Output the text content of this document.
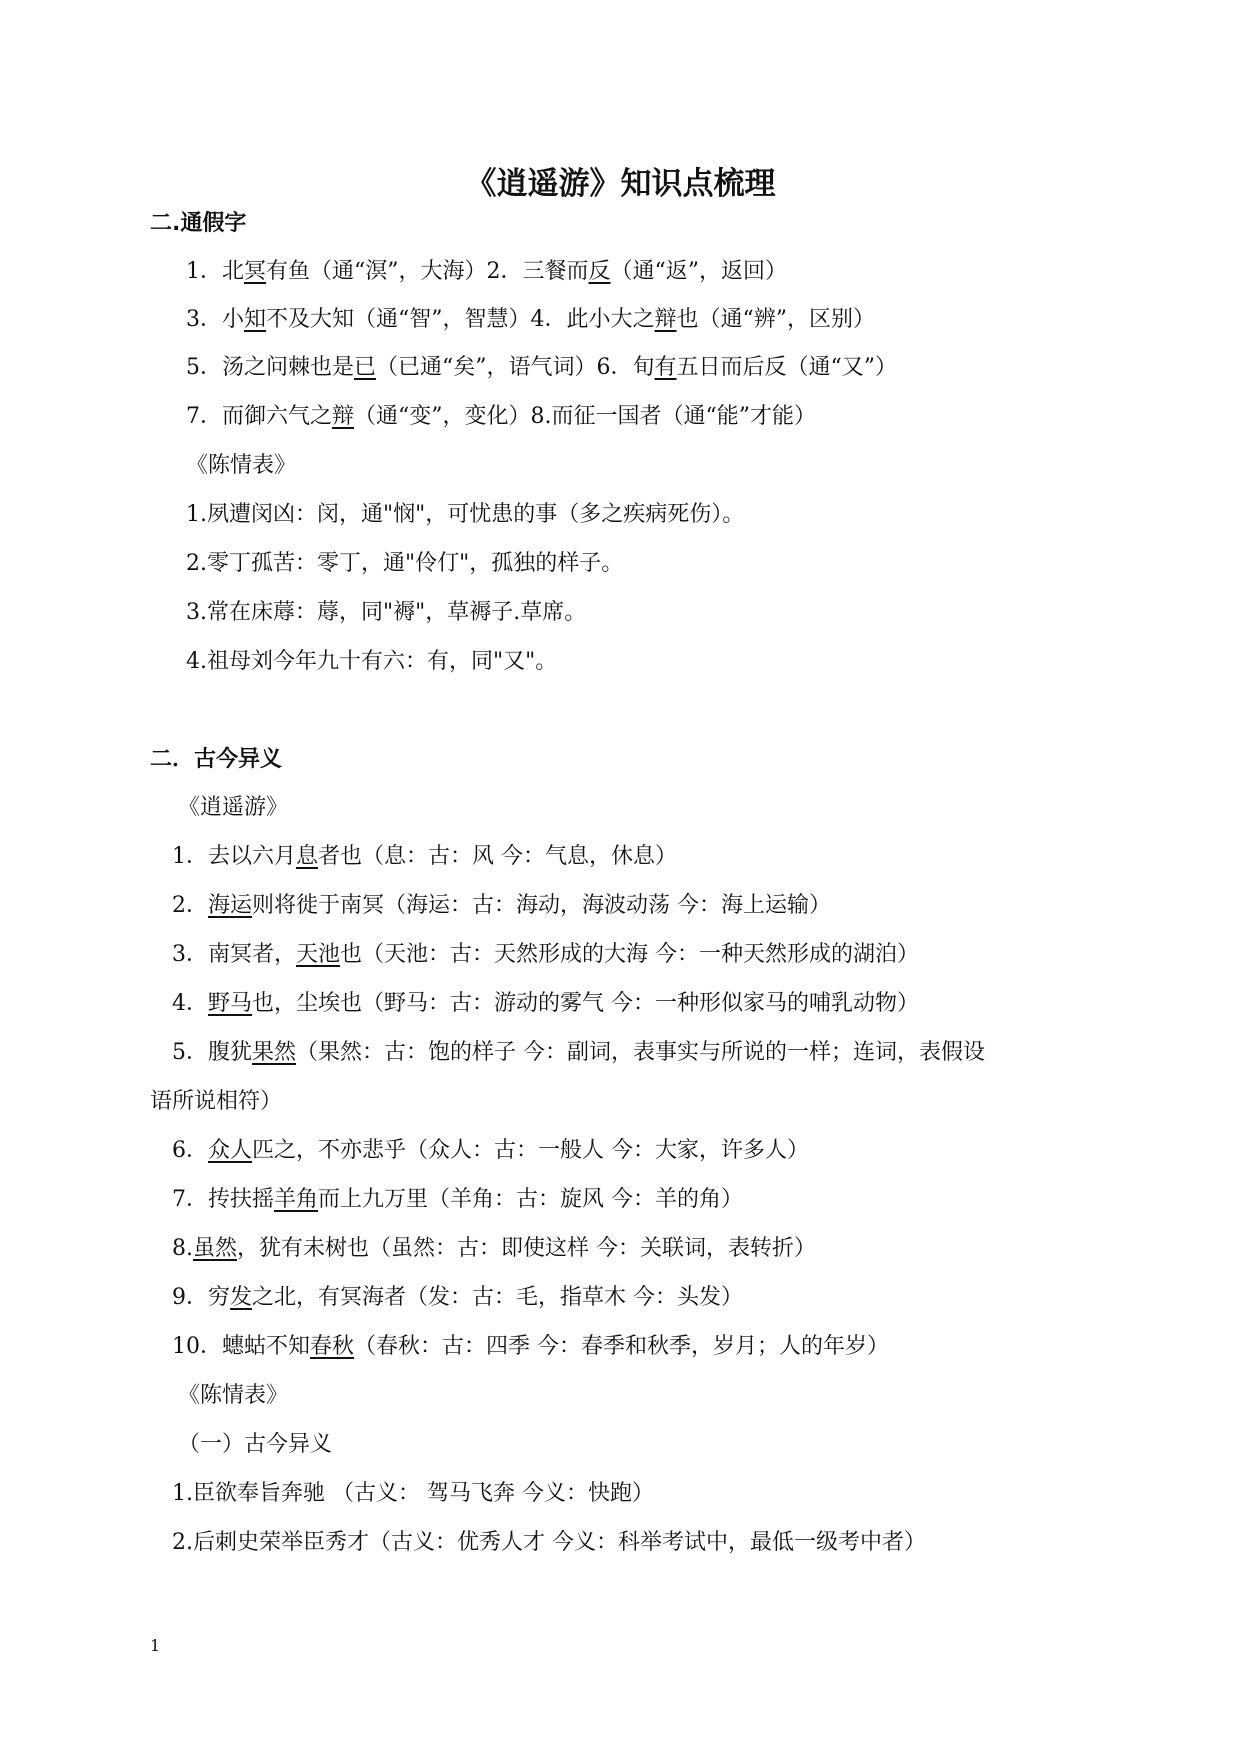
《逍遥游》知识点梳理
二.通假字
1．北冥有鱼（通“溟”，大海）2．三餐而反（通“返”，返回）
3．小知不及大知（通“智”，智慧）4．此小大之辩也（通“辨”，区别）
5．汤之问棘也是已（已通“矣”，语气词）6．旬有五日而后反（通“又”）
7．而御六气之辩（通“变”，变化）8.而征一国者（通“能”才能）
《陈情表》
1.夙遭闵凶：闵，通"悯"，可忧患的事（多之疾病死伤）。
2.零丁孤苦：零丁，通"伶仃"，孤独的样子。
3.常在床蓐：蓐，同"褥"，草褥子.草席。
4.祖母刘今年九十有六：有，同"又"。
二．古今异义
《逍遥游》
1．去以六月息者也（息：古：风 今：气息，休息）
2．海运则将徙于南冥（海运：古：海动，海波动荡 今：海上运输）
3．南冥者，天池也（天池：古：天然形成的大海 今：一种天然形成的湖泊）
4．野马也，尘埃也（野马：古：游动的雾气 今：一种形似家马的哺乳动物）
5．腹犹果然（果然：古：饱的样子 今：副词，表事实与所说的一样；连词，表假设
语所说相符）
6．众人匹之，不亦悲乎（众人：古：一般人 今：大家，许多人）
7．抟扶摇羊角而上九万里（羊角：古：旋风 今：羊的角）
8.虽然，犹有未树也（虽然：古：即使这样 今：关联词，表转折）
9．穷发之北，有冥海者（发：古：毛，指草木 今：头发）
10．蟪蛄不知春秋（春秋：古：四季 今：春季和秋季，岁月；人的年岁）
《陈情表》
（一）古今异义
1.臣欲奉旨奔驰 （古义： 驾马飞奔 今义：快跑）
2.后刺史荣举臣秀才（古义：优秀人才 今义：科举考试中，最低一级考中者）
1
